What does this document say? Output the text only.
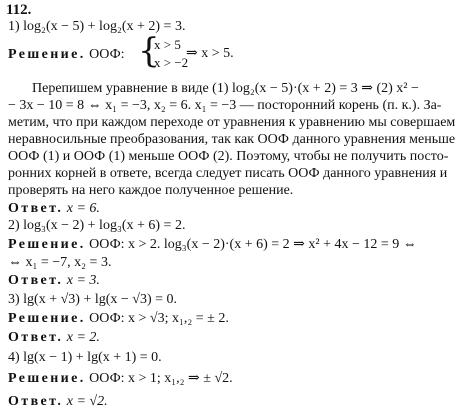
112.
1) log₂(x − 5) + log₂(x + 2) = 3.
Решение. ООФ: {
x > 5
x > −2
⇒ x > 5.
Перепишем уравнение в виде (1) log₂(x − 5)·(x + 2) = 3 ⇒ (2) x² −
− 3x − 10 = 8 ⇔ x₁ = −3, x₂ = 6. x₁ = −3 — посторонний корень (п. к.). За-
метим, что при каждом переходе от уравнения к уравнению мы совершаем
неравносильные преобразования, так как ООФ данного уравнения меньше
ООФ (1) и ООФ (1) меньше ООФ (2). Поэтому, чтобы не получить посто-
ронних корней в ответе, всегда следует писать ООФ данного уравнения и
проверять на него каждое полученное решение.
Ответ. x = 6.
2) log₃(x − 2) + log₃(x + 6) = 2.
Решение. ООФ: x > 2. log₃(x − 2)·(x + 6) = 2 ⇒ x² + 4x − 12 = 9 ⇔
⇔ x₁ = −7, x₂ = 3.
Ответ. x = 3.
3) lg(x + √3) + lg(x − √3) = 0.
Решение. ООФ: x > √3; x₁,₂ = ± 2.
Ответ. x = 2.
4) lg(x − 1) + lg(x + 1) = 0.
Решение. ООФ: x > 1; x₁,₂ ⇒ ± √2.
Ответ. x = √2.
